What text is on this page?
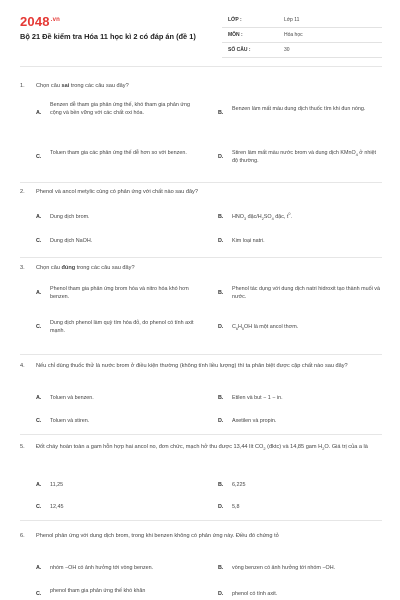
$2048^{.vn}$
Bộ 21 Đề kiểm tra Hóa 11 học kì 2 có đáp án (đề 1)
LỚP :	Lớp 11
MÔN :	Hóa học
SỐ CÂU :	30
1. Chọn câu sai trong các câu sau đây?
A.
Benzen dễ tham gia phản ứng thế, khó tham gia phản ứng cộng và bền vững với các chất oxi hóa.	B.
Benzen làm mất màu dung dịch thuốc tím khi đun nóng.
C.
Toluen tham gia các phản ứng thế dễ hơn so với benzen.
D.
Stiren làm mất màu nước brom và dung dịch KMnO$_4$ ở nhiệt độ thường.
2. Phenol và ancol metylic cùng có phản ứng với chất nào sau đây?
A. Dung dịch brom.	B. $HNO_3$ đặc/$H_2SO_4$ đặc, $t^0$.
C. Dung dịch NaOH.	D. Kim loại natri.
3. Chọn câu đúng trong các câu sau đây?
A.
Phenol tham gia phản ứng brom hóa và nitro hóa khó hơn benzen.
B.
Phenol tác dụng với dung dịch natri hidroxit tạo thành muối và nước.
C.
Dung dịch phenol làm quỳ tím hóa đỏ, do phenol có tính axit mạnh.
D. $C_6H_5OH$ là một ancol thơm.
4. Nếu chỉ dùng thuốc thử là nước brom ở điều kiện thường (không tính liều lượng) thì ta phân biệt được cặp chất nào sau đây?
A. Toluen và benzen.	B. Etilen và but − 1 − in.
C. Toluen và stiren.	D. Axetilen và propin.
5. Đốt cháy hoàn toàn a gam hỗn hợp hai ancol no, đơn chức, mạch hở thu được 13,44 lít $CO_2$ (đktc) và 14,85 gam $H_2O$. Giá trị của a là
A. 11,25	B. 6,225
C. 12,45	D. 5,8
6. Phenol phản ứng với dung dịch brom, trong khi benzen không có phản ứng này. Điều đó chứng tỏ
A. nhóm −OH có ảnh hưởng tới vòng benzen.	B. vòng benzen có ảnh hưởng tới nhóm −OH.
C. phenol tham gia phản ứng thế khó khăn	D. phenol có tính axit.
